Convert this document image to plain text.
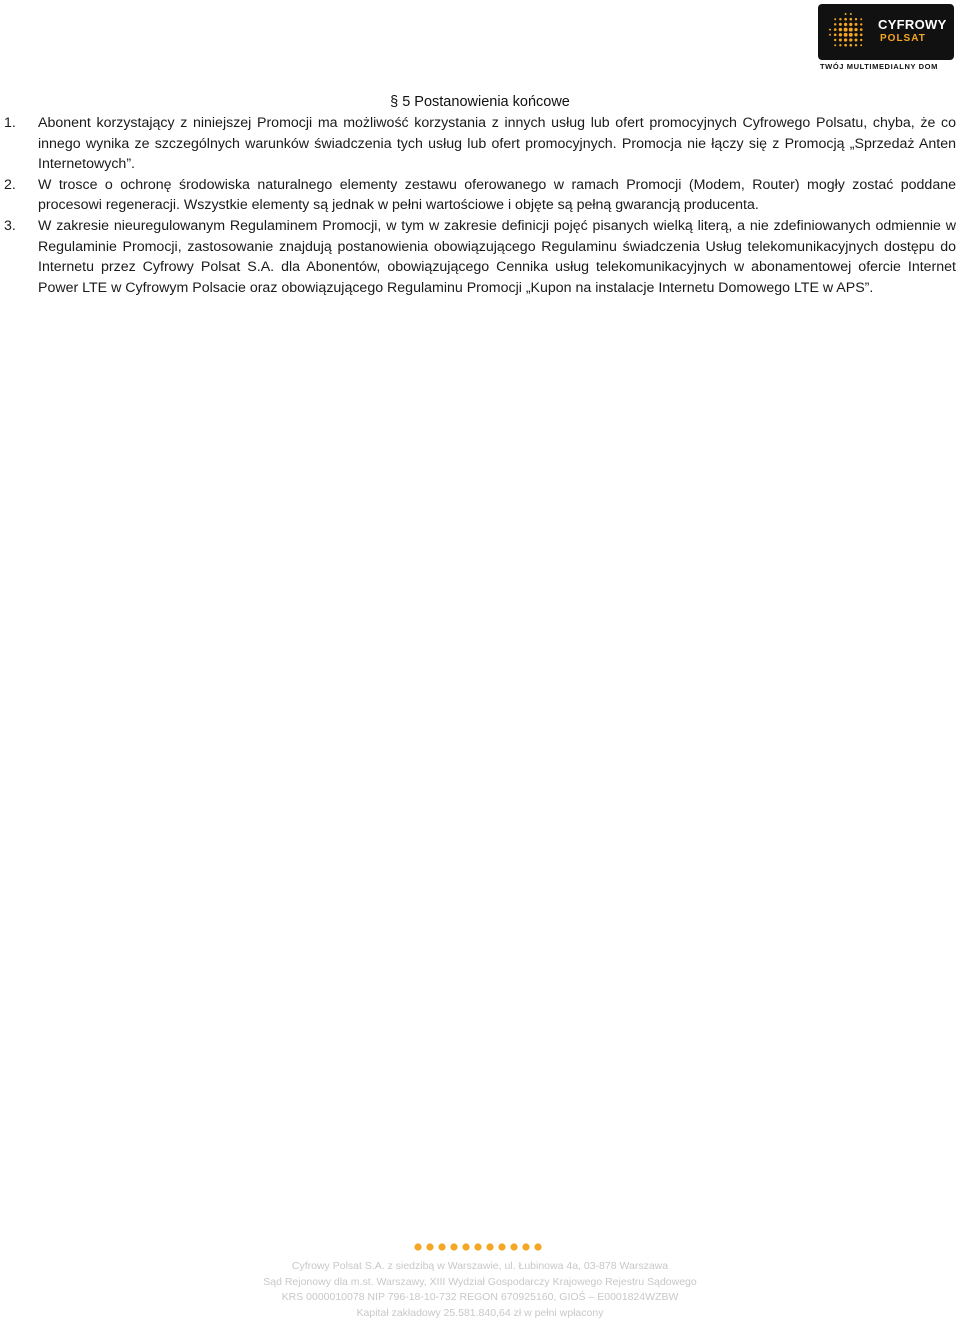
CYFROWY
POLSAT
TWÓJ MULTIMEDIALNY DOM
§ 5 Postanowienia końcowe
1. Abonent korzystający z niniejszej Promocji ma możliwość korzystania z innych usług lub ofert promocyjnych Cyfrowego Polsatu, chyba, że co innego wynika ze szczególnych warunków świadczenia tych usług lub ofert promocyjnych. Promocja nie łączy się z Promocją „Sprzedaż Anten Internetowych”.
2. W trosce o ochronę środowiska naturalnego elementy zestawu oferowanego w ramach Promocji (Modem, Router) mogły zostać poddane procesowi regeneracji. Wszystkie elementy są jednak w pełni wartościowe i objęte są pełną gwarancją producenta.
3. W zakresie nieuregulowanym Regulaminem Promocji, w tym w zakresie definicji pojęć pisanych wielką literą, a nie zdefiniowanych odmiennie w Regulaminie Promocji, zastosowanie znajdują postanowienia obowiązującego Regulaminu świadczenia Usług telekomunikacyjnych dostępu do Internetu przez Cyfrowy Polsat S.A. dla Abonentów, obowiązującego Cennika usług telekomunikacyjnych w abonamentowej ofercie Internet Power LTE w Cyfrowym Polsacie oraz obowiązującego Regulaminu Promocji „Kupon na instalacje Internetu Domowego LTE w APS”.
Cyfrowy Polsat S.A. z siedzibą w Warszawie, ul. Łubinowa 4a, 03-878 Warszawa
Sąd Rejonowy dla m.st. Warszawy, XIII Wydział Gospodarczy Krajowego Rejestru Sądowego
KRS 0000010078 NIP 796-18-10-732 REGON 670925160, GIOŚ – E0001824WZBW
Kapitał zakładowy 25.581.840,64 zł w pełni wpłacony
